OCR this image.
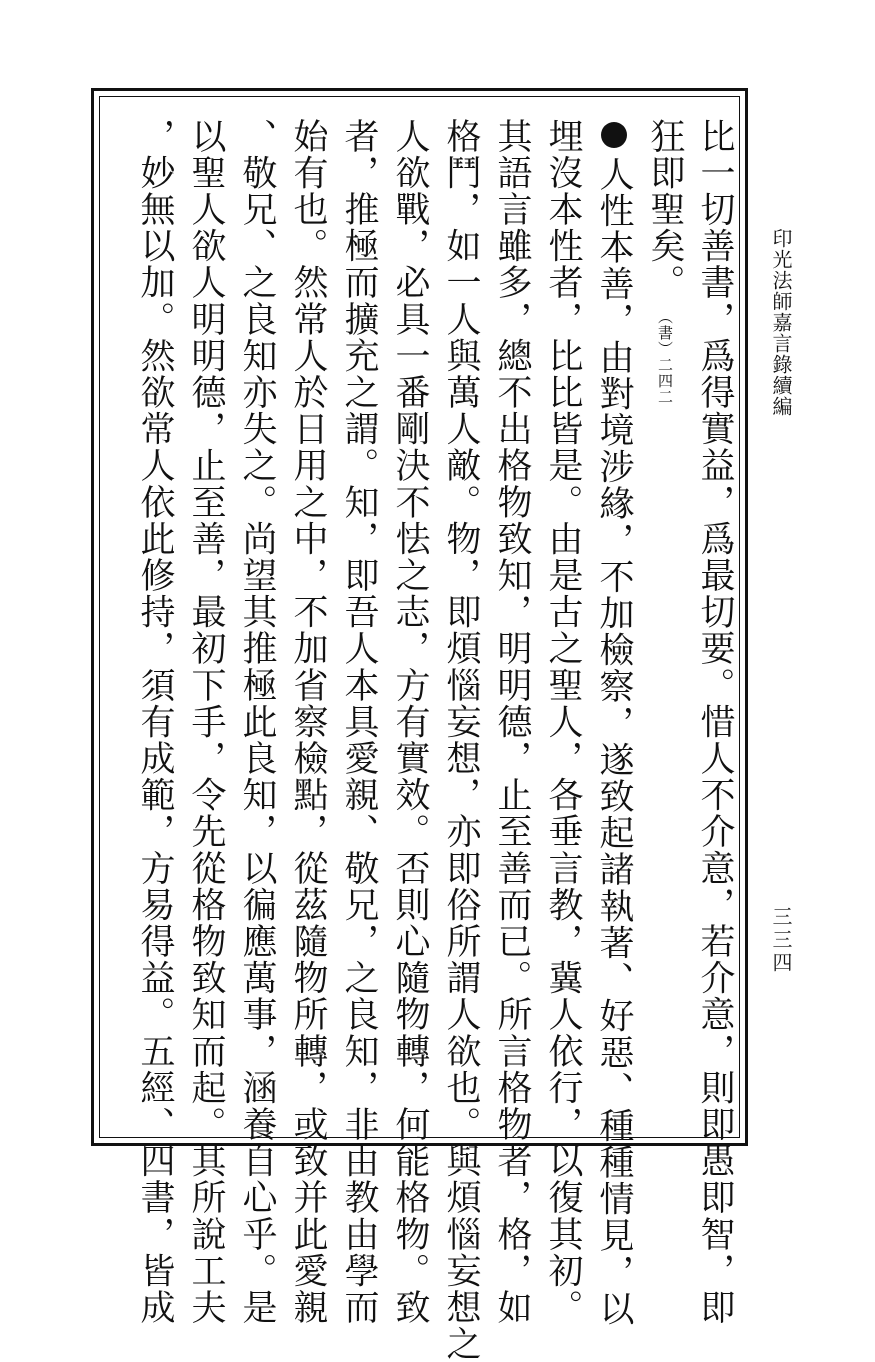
印光法師嘉言錄續編
三三四
比一切善書，爲得實益，爲最切要。惜人不介意，若介意，則即愚即智，即
狂即聖矣。（書）二四二
人性本善，由對境涉緣，不加檢察，遂致起諸執著、好惡、種種情見，以
埋沒本性者，比比皆是。由是古之聖人，各垂言教，冀人依行，以復其初。
其語言雖多，總不出格物致知，明明德，止至善而已。所言格物者，格，如
格鬥，如一人與萬人敵。物，即煩惱妄想，亦即俗所謂人欲也。與煩惱妄想之
人欲戰，必具一番剛決不怯之志，方有實效。否則心隨物轉，何能格物。致
者，推極而擴充之謂。知，即吾人本具愛親、敬兄，之良知，非由教由學而
始有也。然常人於日用之中，不加省察檢點，從茲隨物所轉，或致并此愛親
、敬兄、之良知亦失之。尚望其推極此良知，以徧應萬事，涵養自心乎。是
以聖人欲人明明德，止至善，最初下手，令先從格物致知而起。其所說工夫
，妙無以加。然欲常人依此修持，須有成範，方易得益。五經、四書，皆成
